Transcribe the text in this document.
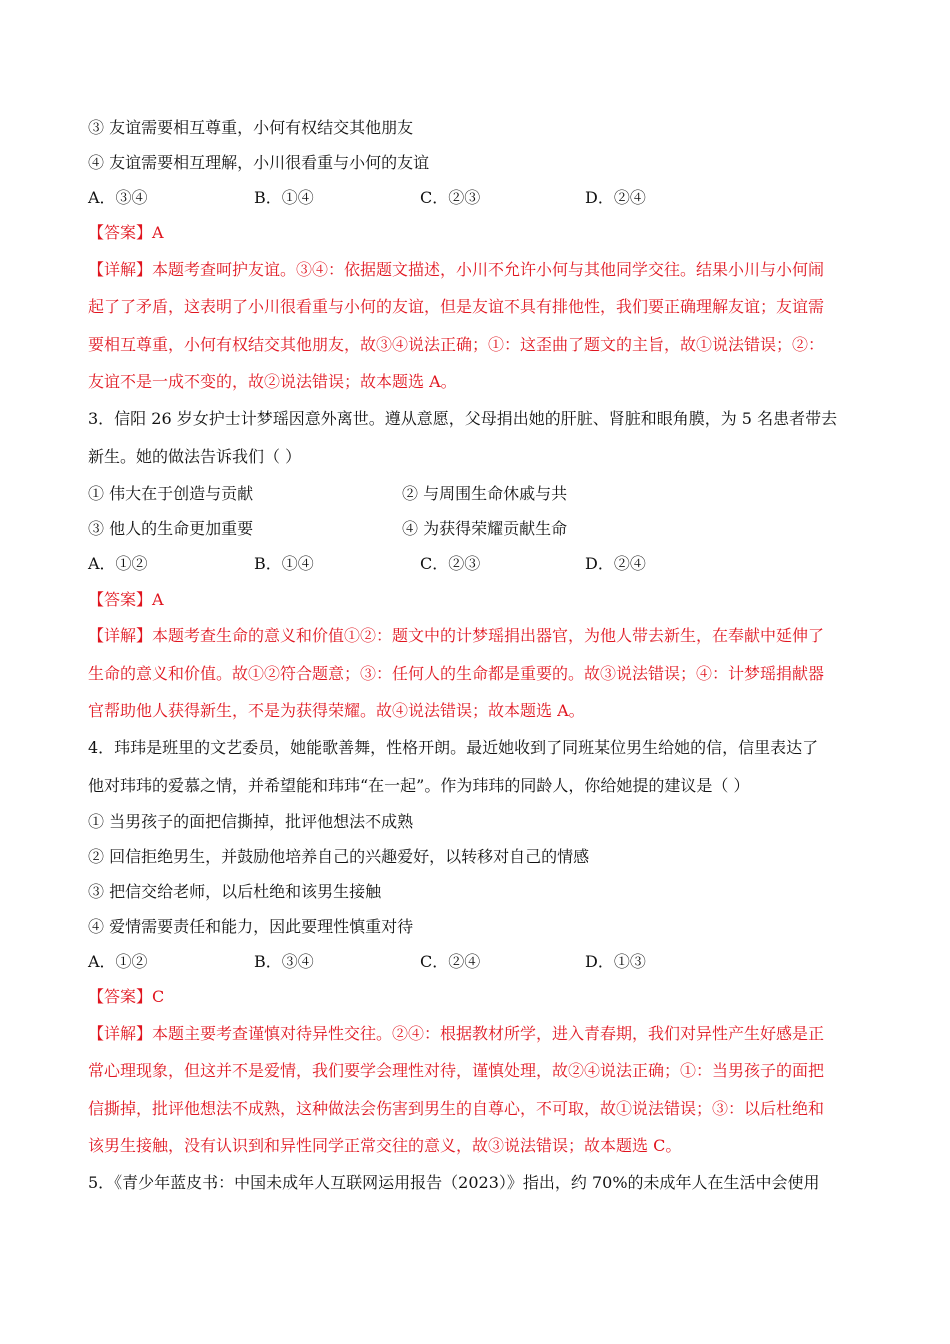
③ 友谊需要相互尊重，小何有权结交其他朋友
④ 友谊需要相互理解，小川很看重与小何的友谊
A．③④	B．①④	C．②③	D．②④
【答案】A
【详解】本题考查呵护友谊。③④：依据题文描述，小川不允许小何与其他同学交往。结果小川与小何闹
起了了矛盾，这表明了小川很看重与小何的友谊，但是友谊不具有排他性，我们要正确理解友谊；友谊需
要相互尊重，小何有权结交其他朋友，故③④说法正确；①：这歪曲了题文的主旨，故①说法错误；②：
友谊不是一成不变的，故②说法错误；故本题选 A。
3．信阳 26 岁女护士计梦瑶因意外离世。遵从意愿，父母捐出她的肝脏、肾脏和眼角膜，为 5 名患者带去
新生。她的做法告诉我们（ ）
① 伟大在于创造与贡献	② 与周围生命休戚与共
③ 他人的生命更加重要	④ 为获得荣耀贡献生命
A．①②	B．①④	C．②③	D．②④
【答案】A
【详解】本题考查生命的意义和价值①②：题文中的计梦瑶捐出器官，为他人带去新生，在奉献中延伸了
生命的意义和价值。故①②符合题意；③：任何人的生命都是重要的。故③说法错误；④：计梦瑶捐献器
官帮助他人获得新生，不是为获得荣耀。故④说法错误；故本题选 A。
4．玮玮是班里的文艺委员，她能歌善舞，性格开朗。最近她收到了同班某位男生给她的信，信里表达了
他对玮玮的爱慕之情，并希望能和玮玮“在一起”。作为玮玮的同龄人，你给她提的建议是（ ）
① 当男孩子的面把信撕掉，批评他想法不成熟
② 回信拒绝男生，并鼓励他培养自己的兴趣爱好，以转移对自己的情感
③ 把信交给老师，以后杜绝和该男生接触
④ 爱情需要责任和能力，因此要理性慎重对待
A．①②	B．③④	C．②④	D．①③
【答案】C
【详解】本题主要考查谨慎对待异性交往。②④：根据教材所学，进入青春期，我们对异性产生好感是正
常心理现象，但这并不是爱情，我们要学会理性对待，谨慎处理，故②④说法正确；①：当男孩子的面把
信撕掉，批评他想法不成熟，这种做法会伤害到男生的自尊心，不可取，故①说法错误；③：以后杜绝和
该男生接触，没有认识到和异性同学正常交往的意义，故③说法错误；故本题选 C。
5．《青少年蓝皮书：中国未成年人互联网运用报告（2023）》指出，约 70%的未成年人在生活中会使用
